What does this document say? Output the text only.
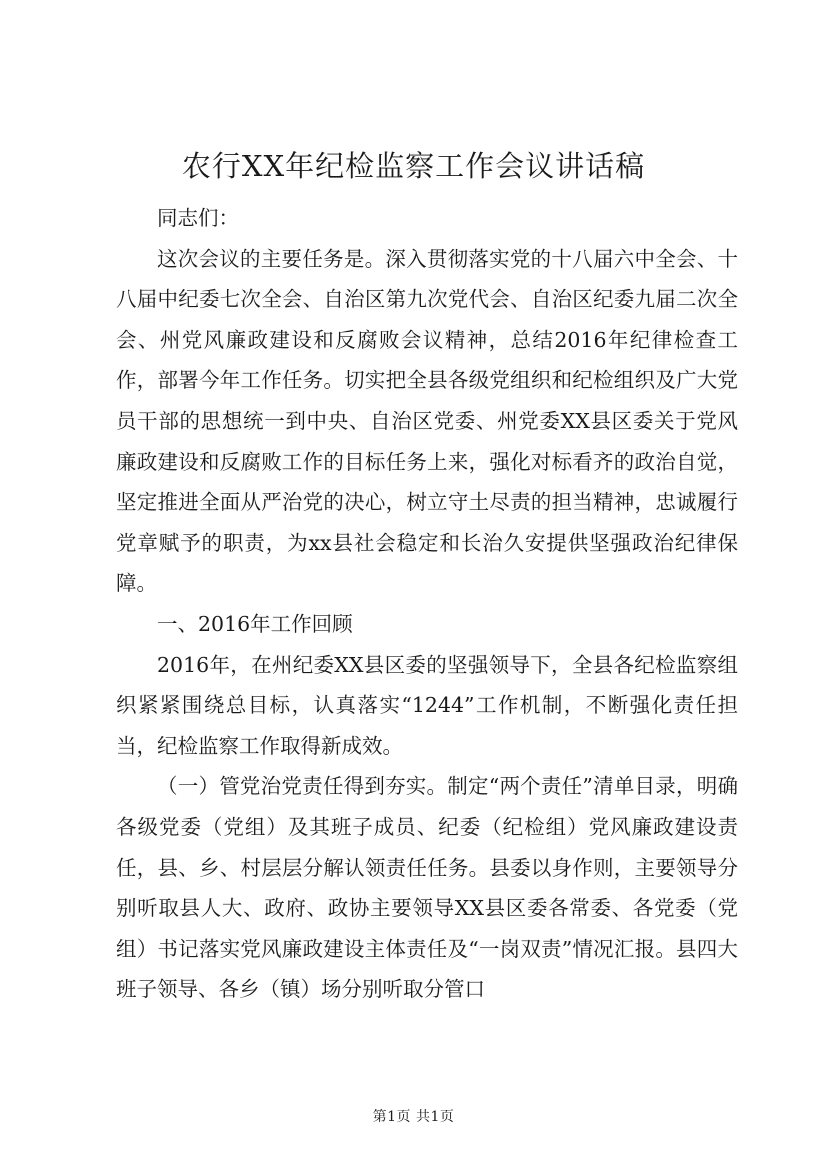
农行XX年纪检监察工作会议讲话稿

同志们：

这次会议的主要任务是。深入贯彻落实党的十八届六中全会、十八届中纪委七次全会、自治区第九次党代会、自治区纪委九届二次全会、州党风廉政建设和反腐败会议精神，总结2016年纪律检查工作，部署今年工作任务。切实把全县各级党组织和纪检组织及广大党员干部的思想统一到中央、自治区党委、州党委XX县区委关于党风廉政建设和反腐败工作的目标任务上来，强化对标看齐的政治自觉，坚定推进全面从严治党的决心，树立守土尽责的担当精神，忠诚履行党章赋予的职责，为xx县社会稳定和长治久安提供坚强政治纪律保障。

一、2016年工作回顾

2016年，在州纪委XX县区委的坚强领导下，全县各纪检监察组织紧紧围绕总目标，认真落实“1244”工作机制，不断强化责任担当，纪检监察工作取得新成效。

（一）管党治党责任得到夯实。制定“两个责任”清单目录，明确各级党委（党组）及其班子成员、纪委（纪检组）党风廉政建设责任，县、乡、村层层分解认领责任任务。县委以身作则，主要领导分别听取县人大、政府、政协主要领导XX县区委各常委、各党委（党组）书记落实党风廉政建设主体责任及“一岗双责”情况汇报。县四大班子领导、各乡（镇）场分别听取分管口

第1页 共1页
